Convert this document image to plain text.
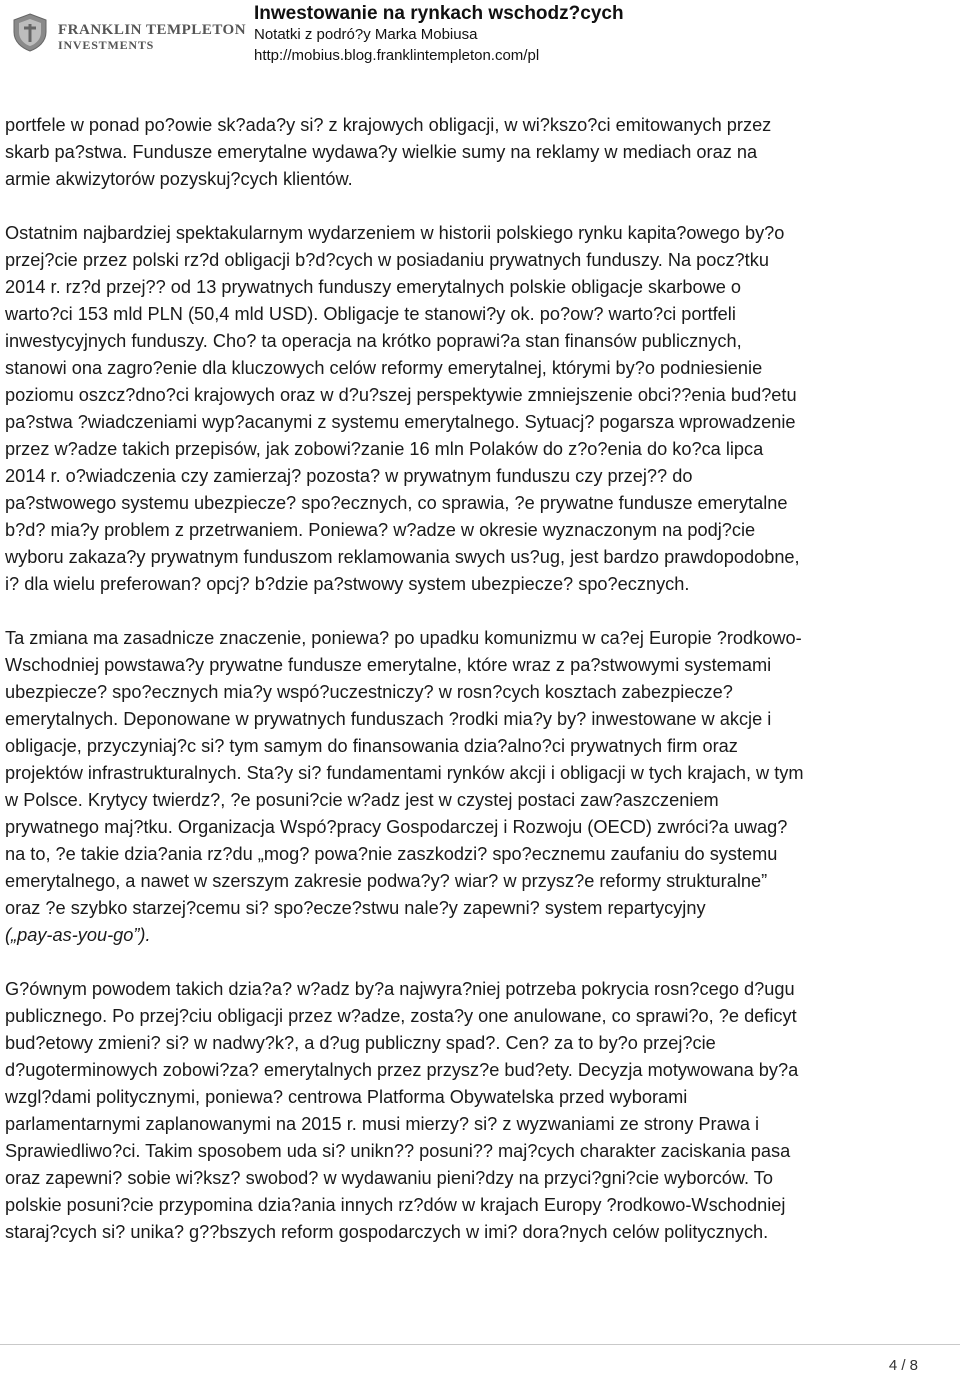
FRANKLIN TEMPLETON
INVESTMENTS
Inwestowanie na rynkach wschodz?cych
Notatki z podró?y Marka Mobiusa
http://mobius.blog.franklintempleton.com/pl
portfele w ponad po?owie sk?ada?y si? z krajowych obligacji, w wi?kszo?ci emitowanych przez
skarb pa?stwa. Fundusze emerytalne wydawa?y wielkie sumy na reklamy w mediach oraz na
armie akwizytorów pozyskuj?cych klientów.
Ostatnim najbardziej spektakularnym wydarzeniem w historii polskiego rynku kapita?owego by?o
przej?cie przez polski rz?d obligacji b?d?cych w posiadaniu prywatnych funduszy. Na pocz?tku
2014 r. rz?d przej?? od 13 prywatnych funduszy emerytalnych polskie obligacje skarbowe o
warto?ci 153 mld PLN (50,4 mld USD). Obligacje te stanowi?y ok. po?ow? warto?ci portfeli
inwestycyjnych funduszy. Cho? ta operacja na krótko poprawi?a stan finansów publicznych,
stanowi ona zagro?enie dla kluczowych celów reformy emerytalnej, którymi by?o podniesienie
poziomu oszcz?dno?ci krajowych oraz w d?u?szej perspektywie zmniejszenie obci??enia bud?etu
pa?stwa ?wiadczeniami wyp?acanymi z systemu emerytalnego. Sytuacj? pogarsza wprowadzenie
przez w?adze takich przepisów, jak zobowi?zanie 16 mln Polaków do z?o?enia do ko?ca lipca
2014 r. o?wiadczenia czy zamierzaj? pozosta? w prywatnym funduszu czy przej?? do
pa?stwowego systemu ubezpiecze? spo?ecznych, co sprawia, ?e prywatne fundusze emerytalne
b?d? mia?y problem z przetrwaniem. Poniewa? w?adze w okresie wyznaczonym na podj?cie
wyboru zakaza?y prywatnym funduszom reklamowania swych us?ug, jest bardzo prawdopodobne,
i? dla wielu preferowan? opcj? b?dzie pa?stwowy system ubezpiecze? spo?ecznych.
Ta zmiana ma zasadnicze znaczenie, poniewa? po upadku komunizmu w ca?ej Europie ?rodkowo-
Wschodniej powstawa?y prywatne fundusze emerytalne, które wraz z pa?stwowymi systemami
ubezpiecze? spo?ecznych mia?y wspó?uczestniczy? w rosn?cych kosztach zabezpiecze?
emerytalnych. Deponowane w prywatnych funduszach ?rodki mia?y by? inwestowane w akcje i
obligacje, przyczyniaj?c si? tym samym do finansowania dzia?alno?ci prywatnych firm oraz
projektów infrastrukturalnych. Sta?y si? fundamentami rynków akcji i obligacji w tych krajach, w tym
w Polsce. Krytycy twierdz?, ?e posuni?cie w?adz jest w czystej postaci zaw?aszczeniem
prywatnego maj?tku. Organizacja Wspó?pracy Gospodarczej i Rozwoju (OECD) zwróci?a uwag?
na to, ?e takie dzia?ania rz?du „mog? powa?nie zaszkodzi? spo?ecznemu zaufaniu do systemu
emerytalnego, a nawet w szerszym zakresie podwa?y? wiar? w przysz?e reformy strukturalne”
oraz ?e szybko starzej?cemu si? spo?ecze?stwu nale?y zapewni? system repartycyjny
(„pay-as-you-go”).
G?ównym powodem takich dzia?a? w?adz by?a najwyra?niej potrzeba pokrycia rosn?cego d?ugu
publicznego. Po przej?ciu obligacji przez w?adze, zosta?y one anulowane, co sprawi?o, ?e deficyt
bud?etowy zmieni? si? w nadwy?k?, a d?ug publiczny spad?. Cen? za to by?o przej?cie
d?ugoterminowych zobowi?za? emerytalnych przez przysz?e bud?ety. Decyzja motywowana by?a
wzgl?dami politycznymi, poniewa? centrowa Platforma Obywatelska przed wyborami
parlamentarnymi zaplanowanymi na 2015 r. musi mierzy? si? z wyzwaniami ze strony Prawa i
Sprawiedliwo?ci. Takim sposobem uda si? unikn?? posuni?? maj?cych charakter zaciskania pasa
oraz zapewni? sobie wi?ksz? swobod? w wydawaniu pieni?dzy na przyci?gni?cie wyborców. To
polskie posuni?cie przypomina dzia?ania innych rz?dów w krajach Europy ?rodkowo-Wschodniej
staraj?cych si? unika? g??bszych reform gospodarczych w imi? dora?nych celów politycznych.
4 / 8
